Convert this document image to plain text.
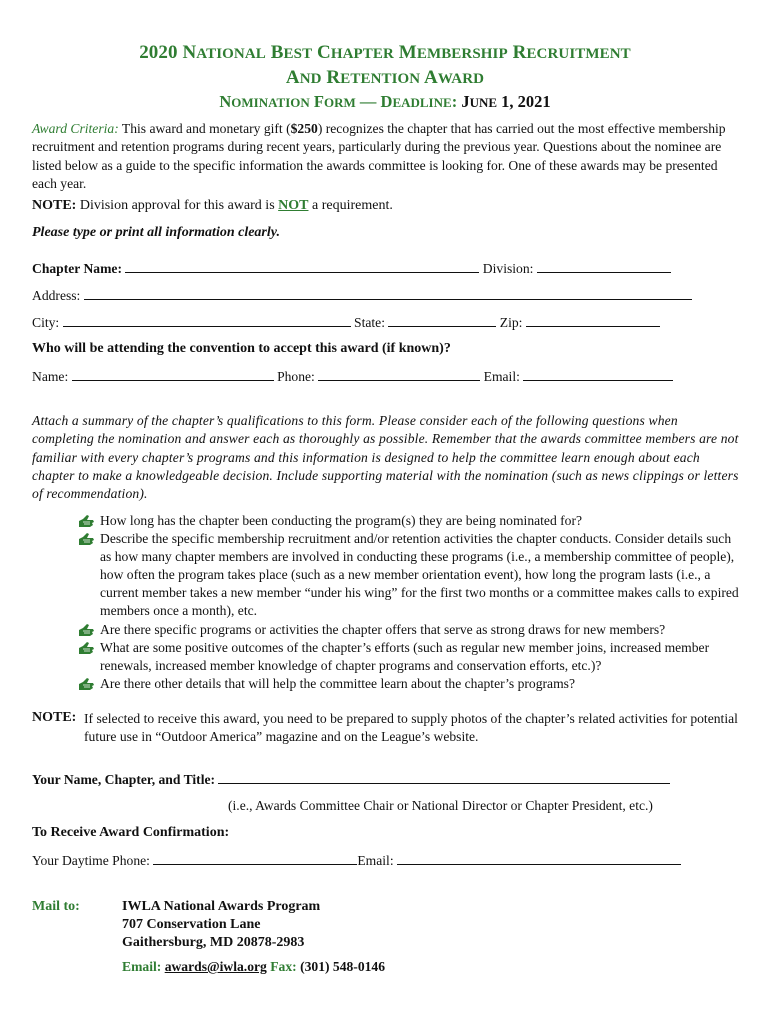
2020 NATIONAL BEST CHAPTER MEMBERSHIP RECRUITMENT
AND RETENTION AWARD
NOMINATION FORM — DEADLINE: JUNE 1, 2021
Award Criteria: This award and monetary gift ($250) recognizes the chapter that has carried out the most effective membership recruitment and retention programs during recent years, particularly during the previous year. Questions about the nominee are listed below as a guide to the specific information the awards committee is looking for. One of these awards may be presented each year.
NOTE: Division approval for this award is NOT a requirement.
Please type or print all information clearly.
Chapter Name:	Division:
Address:
City:	State:	Zip:
Who will be attending the convention to accept this award (if known)?
Name:	Phone:	Email:
Attach a summary of the chapter’s qualifications to this form. Please consider each of the following questions when completing the nomination and answer each as thoroughly as possible. Remember that the awards committee members are not familiar with every chapter’s programs and this information is designed to help the committee learn enough about each chapter to make a knowledgeable decision. Include supporting material with the nomination (such as news clippings or letters of recommendation).
How long has the chapter been conducting the program(s) they are being nominated for?
Describe the specific membership recruitment and/or retention activities the chapter conducts. Consider details such as how many chapter members are involved in conducting these programs (i.e., a membership committee of people), how often the program takes place (such as a new member orientation event), how long the program lasts (i.e., a current member takes a new member “under his wing” for the first two months or a committee makes calls to expired members once a month), etc.
Are there specific programs or activities the chapter offers that serve as strong draws for new members?
What are some positive outcomes of the chapter’s efforts (such as regular new member joins, increased member renewals, increased member knowledge of chapter programs and conservation efforts, etc.)?
Are there other details that will help the committee learn about the chapter’s programs?
NOTE: If selected to receive this award, you need to be prepared to supply photos of the chapter’s related activities for potential future use in “Outdoor America” magazine and on the League’s website.
Your Name, Chapter, and Title:
(i.e., Awards Committee Chair or National Director or Chapter President, etc.)
To Receive Award Confirmation:
Your Daytime Phone:	Email:
Mail to:	IWLA National Awards Program
707 Conservation Lane
Gaithersburg, MD 20878-2983
Email: awards@iwla.org Fax: (301) 548-0146
